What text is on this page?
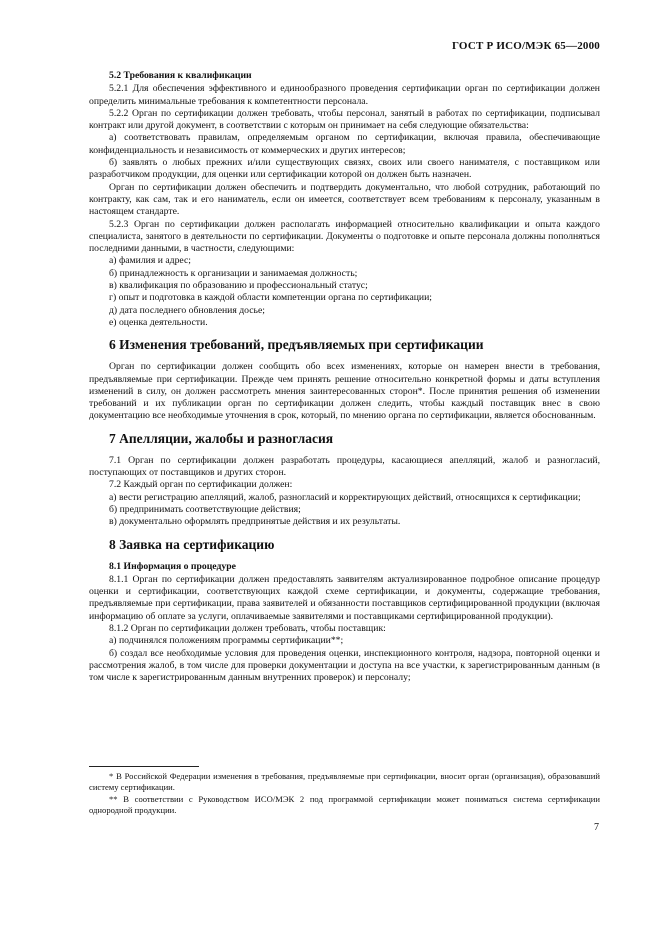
ГОСТ Р ИСО/МЭК 65—2000

5.2 Требования к квалификации

5.2.1 Для обеспечения эффективного и единообразного проведения сертификации орган по сертификации должен определить минимальные требования к компетентности персонала.

5.2.2 Орган по сертификации должен требовать, чтобы персонал, занятый в работах по сертификации, подписывал контракт или другой документ, в соответствии с которым он принимает на себя следующие обязательства:

а) соответствовать правилам, определяемым органом по сертификации, включая правила, обеспечивающие конфиденциальность и независимость от коммерческих и других интересов;

б) заявлять о любых прежних и/или существующих связях, своих или своего нанимателя, с поставщиком или разработчиком продукции, для оценки или сертификации которой он должен быть назначен.

Орган по сертификации должен обеспечить и подтвердить документально, что любой сотрудник, работающий по контракту, как сам, так и его наниматель, если он имеется, соответствует всем требованиям к персоналу, указанным в настоящем стандарте.

5.2.3 Орган по сертификации должен располагать информацией относительно квалификации и опыта каждого специалиста, занятого в деятельности по сертификации. Документы о подготовке и опыте персонала должны пополняться последними данными, в частности, следующими:

а) фамилия и адрес;

б) принадлежность к организации и занимаемая должность;

в) квалификация по образованию и профессиональный статус;

г) опыт и подготовка в каждой области компетенции органа по сертификации;

д) дата последнего обновления досье;

е) оценка деятельности.

6 Изменения требований, предъявляемых при сертификации

Орган по сертификации должен сообщить обо всех изменениях, которые он намерен внести в требования, предъявляемые при сертификации. Прежде чем принять решение относительно конкретной формы и даты вступления изменений в силу, он должен рассмотреть мнения заинтересованных сторон*. После принятия решения об изменении требований и их публикации орган по сертификации должен следить, чтобы каждый поставщик внес в свою документацию все необходимые уточнения в срок, который, по мнению органа по сертификации, является обоснованным.

7 Апелляции, жалобы и разногласия

7.1 Орган по сертификации должен разработать процедуры, касающиеся апелляций, жалоб и разногласий, поступающих от поставщиков и других сторон.

7.2 Каждый орган по сертификации должен:

а) вести регистрацию апелляций, жалоб, разногласий и корректирующих действий, относящихся к сертификации;

б) предпринимать соответствующие действия;

в) документально оформлять предпринятые действия и их результаты.

8 Заявка на сертификацию

8.1 Информация о процедуре

8.1.1 Орган по сертификации должен предоставлять заявителям актуализированное подробное описание процедур оценки и сертификации, соответствующих каждой схеме сертификации, и документы, содержащие требования, предъявляемые при сертификации, права заявителей и обязанности поставщиков сертифицированной продукции (включая информацию об оплате за услуги, оплачиваемые заявителями и поставщиками сертифицированной продукции).

8.1.2 Орган по сертификации должен требовать, чтобы поставщик:

а) подчинялся положениям программы сертификации**;

б) создал все необходимые условия для проведения оценки, инспекционного контроля, надзора, повторной оценки и рассмотрения жалоб, в том числе для проверки документации и доступа на все участки, к зарегистрированным данным (в том числе к зарегистрированным данным внутренних проверок) и персоналу;

* В Российской Федерации изменения в требования, предъявляемые при сертификации, вносит орган (организация), образовавший систему сертификации.

** В соответствии с Руководством ИСО/МЭК 2 под программой сертификации может пониматься система сертификации однородной продукции.

7
